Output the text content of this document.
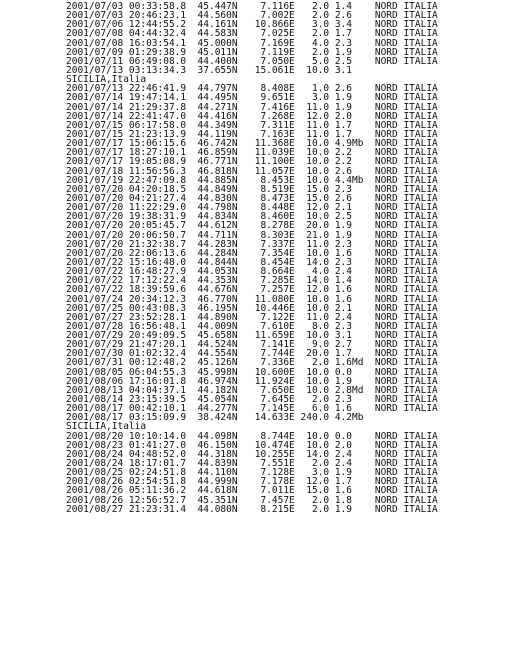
2001/07/03 00:33:58.8  45.447N    7.116E   2.0 1.4    NORD ITALIA
2001/07/03 20:46:23.1  44.560N    7.002E   2.0 2.6    NORD ITALIA
2001/07/06 12:44:55.2  44.161N   10.866E   3.0 3.4    NORD ITALIA
2001/07/08 04:44:32.4  44.583N    7.025E   2.0 1.7    NORD ITALIA
2001/07/08 16:03:54.1  45.000N    7.169E   4.0 2.3    NORD ITALIA
2001/07/09 01:29:38.9  45.011N    7.119E   2.0 1.9    NORD ITALIA
2001/07/11 06:49:08.0  44.400N    7.050E   5.0 2.5    NORD ITALIA
2001/07/13 03:13:34.3  37.655N   15.061E  10.0 3.1
SICILIA,Italia
2001/07/13 22:46:41.9  44.797N    8.408E   1.0 2.6    NORD ITALIA
2001/07/14 19:47:14.1  44.495N    9.651E   3.0 1.9    NORD ITALIA
2001/07/14 21:29:37.8  44.271N    7.416E  11.0 1.9    NORD ITALIA
2001/07/14 22:41:47.0  44.416N    7.268E  12.0 2.0    NORD ITALIA
2001/07/15 06:17:58.0  44.349N    7.311E  11.0 1.7    NORD ITALIA
2001/07/15 21:23:13.9  44.119N    7.163E  11.0 1.7    NORD ITALIA
2001/07/17 15:06:15.6  46.742N   11.368E  10.0 4.9Mb  NORD ITALIA
2001/07/17 18:27:10.1  46.859N   11.039E  10.0 2.2    NORD ITALIA
2001/07/17 19:05:08.9  46.771N   11.100E  10.0 2.2    NORD ITALIA
2001/07/18 11:56:56.3  46.818N   11.057E  10.0 2.6    NORD ITALIA
2001/07/19 22:47:09.8  44.885N    8.453E  10.0 4.4Mb  NORD ITALIA
2001/07/20 04:20:18.5  44.849N    8.519E  15.0 2.3    NORD ITALIA
2001/07/20 04:21:27.4  44.830N    8.473E  15.0 2.6    NORD ITALIA
2001/07/20 11:22:29.0  44.798N    8.448E  12.0 2.1    NORD ITALIA
2001/07/20 19:38:31.9  44.834N    8.460E  10.0 2.5    NORD ITALIA
2001/07/20 20:05:45.7  44.612N    8.278E  20.0 1.9    NORD ITALIA
2001/07/20 20:06:50.7  44.711N    8.303E  21.0 1.9    NORD ITALIA
2001/07/20 21:32:38.7  44.283N    7.337E  11.0 2.3    NORD ITALIA
2001/07/20 22:06:13.6  44.284N    7.354E  10.0 1.6    NORD ITALIA
2001/07/22 15:16:48.0  44.844N    8.454E  14.0 2.3    NORD ITALIA
2001/07/22 16:48:27.9  44.053N    8.664E   4.0 2.4    NORD ITALIA
2001/07/22 17:12:22.4  44.353N    7.285E  14.0 1.4    NORD ITALIA
2001/07/22 18:39:59.6  44.676N    7.257E  12.0 1.6    NORD ITALIA
2001/07/24 20:34:12.3  46.770N   11.080E  10.0 1.6    NORD ITALIA
2001/07/25 00:43:08.3  46.195N   10.446E  10.0 2.1    NORD ITALIA
2001/07/27 23:52:28.1  44.890N    7.122E  11.0 2.4    NORD ITALIA
2001/07/28 16:56:48.1  44.009N    7.610E   8.0 2.3    NORD ITALIA
2001/07/29 20:49:09.5  45.658N   11.659E  10.0 3.1    NORD ITALIA
2001/07/29 21:47:20.1  44.524N    7.141E   9.0 2.7    NORD ITALIA
2001/07/30 01:02:32.4  44.554N    7.744E  20.0 1.7    NORD ITALIA
2001/07/31 00:12:48.2  45.126N    7.336E   2.0 1.6Md  NORD ITALIA
2001/08/05 06:04:55.3  45.998N   10.600E  10.0 0.0    NORD ITALIA
2001/08/06 17:16:01.8  46.974N   11.924E  10.0 1.9    NORD ITALIA
2001/08/13 04:04:37.1  44.182N    7.650E  10.0 2.8Md  NORD ITALIA
2001/08/14 23:15:39.5  45.054N    7.645E   2.0 2.3    NORD ITALIA
2001/08/17 00:42:10.1  44.277N    7.145E   6.0 1.6    NORD ITALIA
2001/08/17 03:15:09.9  38.424N   14.633E 240.0 4.2Mb
SICILIA,Italia
2001/08/20 10:10:14.0  44.098N    8.744E  10.0 0.0    NORD ITALIA
2001/08/23 01:41:27.0  46.150N   10.474E  10.0 2.0    NORD ITALIA
2001/08/24 04:48:52.0  44.318N   10.255E  14.0 2.4    NORD ITALIA
2001/08/24 18:17:01.7  44.839N    7.551E   2.0 2.4    NORD ITALIA
2001/08/25 02:24:51.8  44.110N    7.128E   3.0 1.9    NORD ITALIA
2001/08/26 02:54:51.8  44.999N    7.178E  12.0 1.7    NORD ITALIA
2001/08/26 05:11:36.2  44.618N    7.011E  15.0 1.6    NORD ITALIA
2001/08/26 12:56:52.7  45.351N    7.457E   2.0 1.8    NORD ITALIA
2001/08/27 21:23:31.4  44.080N    8.215E   2.0 1.9    NORD ITALIA
